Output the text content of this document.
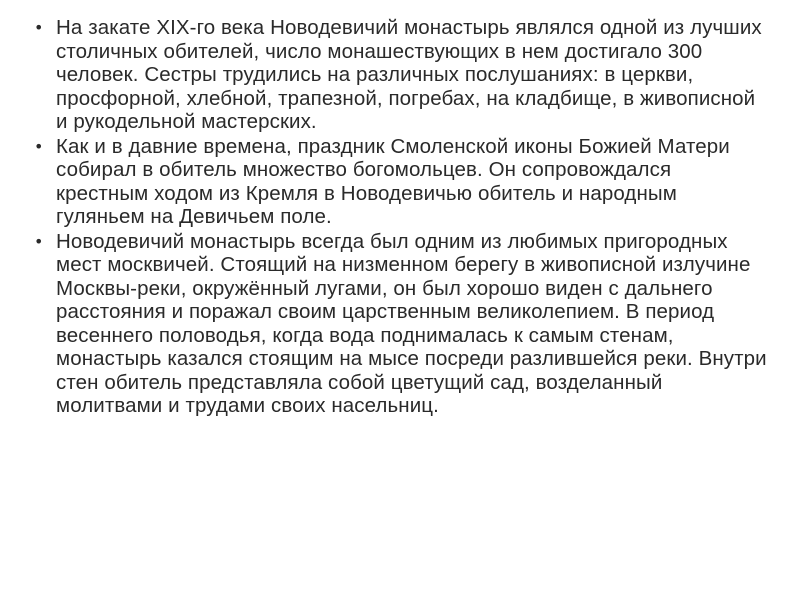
• На закате XIX-го века Новодевичий монастырь являлся одной из лучших столичных обителей, число монашествующих в нем достигало 300 человек. Сестры трудились на различных послушаниях: в церкви, просфорной, хлебной, трапезной, погребах, на кладбище, в живописной и рукодельной мастерских.
• Как и в давние времена, праздник Смоленской иконы Божией Матери собирал в обитель множество богомольцев. Он сопровождался крестным ходом из Кремля в Новодевичью обитель и народным гуляньем на Девичьем поле.
• Новодевичий монастырь всегда был одним из любимых пригородных мест москвичей. Стоящий на низменном берегу в живописной излучине Москвы-реки, окружённый лугами, он был хорошо виден с дальнего расстояния и поражал своим царственным великолепием. В период весеннего половодья, когда вода поднималась к самым стенам, монастырь казался стоящим на мысе посреди разлившейся реки. Внутри стен обитель представляла собой цветущий сад, возделанный молитвами и трудами своих насельниц.
